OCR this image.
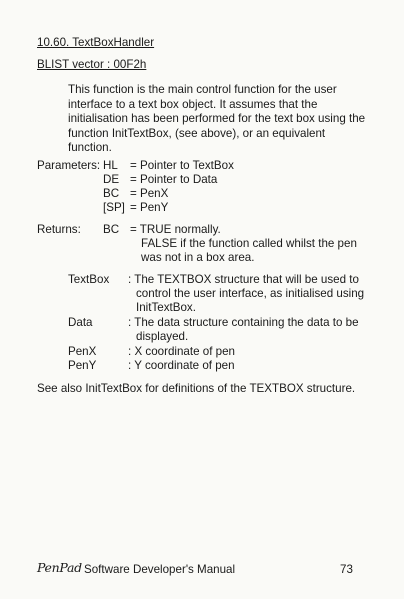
10.60. TextBoxHandler
BLIST vector : 00F2h
This function is the main control function for the user
interface to a text box object. It assumes that the
initialisation has been performed for the text box using the
function InitTextBox, (see above), or an equivalent
function.
Parameters: HL = Pointer to TextBox
DE = Pointer to Data
BC = PenX
[SP] = PenY
Returns: BC = TRUE normally.
FALSE if the function called whilst the pen
was not in a box area.
TextBox : The TEXTBOX structure that will be used to
control the user interface, as initialised using
InitTextBox.
Data	: The data structure containing the data to be
displayed.
PenX	: X coordinate of pen
PenY	: Y coordinate of pen
See also InitTextBox for definitions of the TEXTBOX structure.
PenPad Software Developer's Manual	73
